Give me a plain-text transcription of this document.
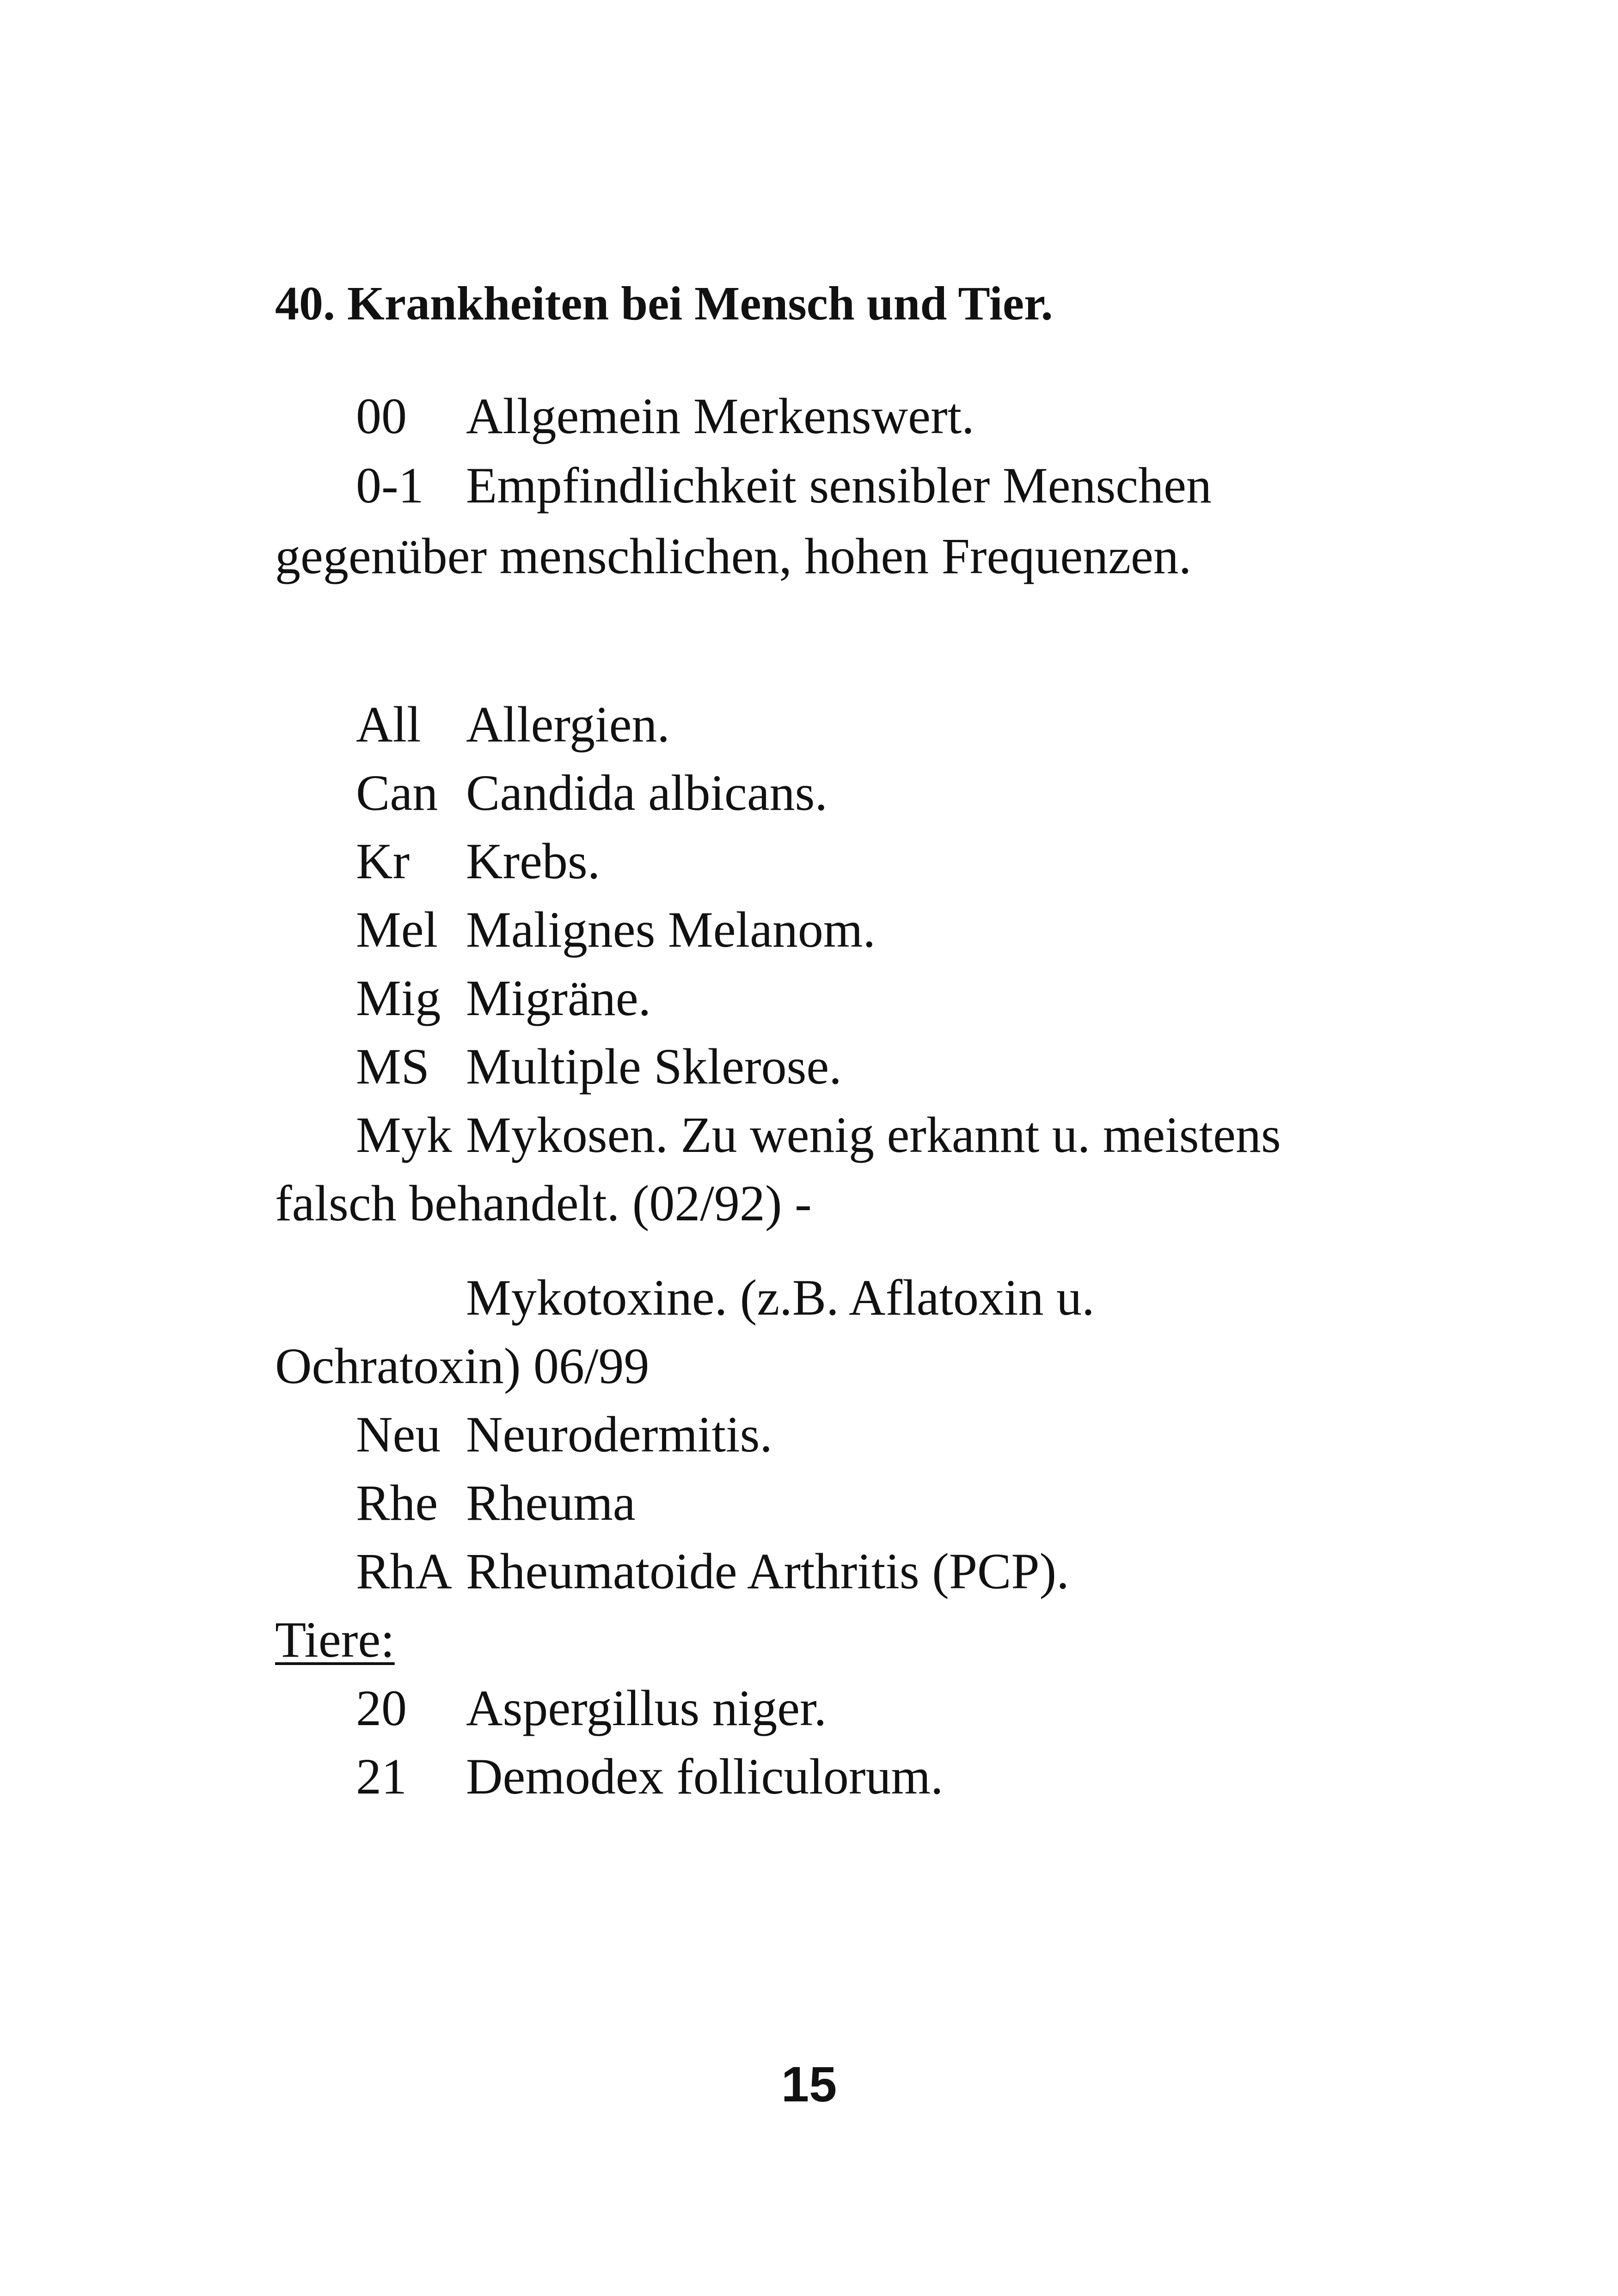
40. Krankheiten bei Mensch und Tier.
00 Allgemein Merkenswert.
0-1 Empfindlichkeit sensibler Menschen
gegenüber menschlichen, hohen Frequenzen.
All Allergien.
Can Candida albicans.
Kr Krebs.
Mel Malignes Melanom.
Mig Migräne.
MS Multiple Sklerose.
Myk Mykosen. Zu wenig erkannt u. meistens
falsch behandelt. (02/92) -
Mykotoxine. (z.B. Aflatoxin u.
Ochratoxin) 06/99
Neu Neurodermitis.
Rhe Rheuma
RhA Rheumatoide Arthritis (PCP).
Tiere:
20 Aspergillus niger.
21 Demodex folliculorum.
15
